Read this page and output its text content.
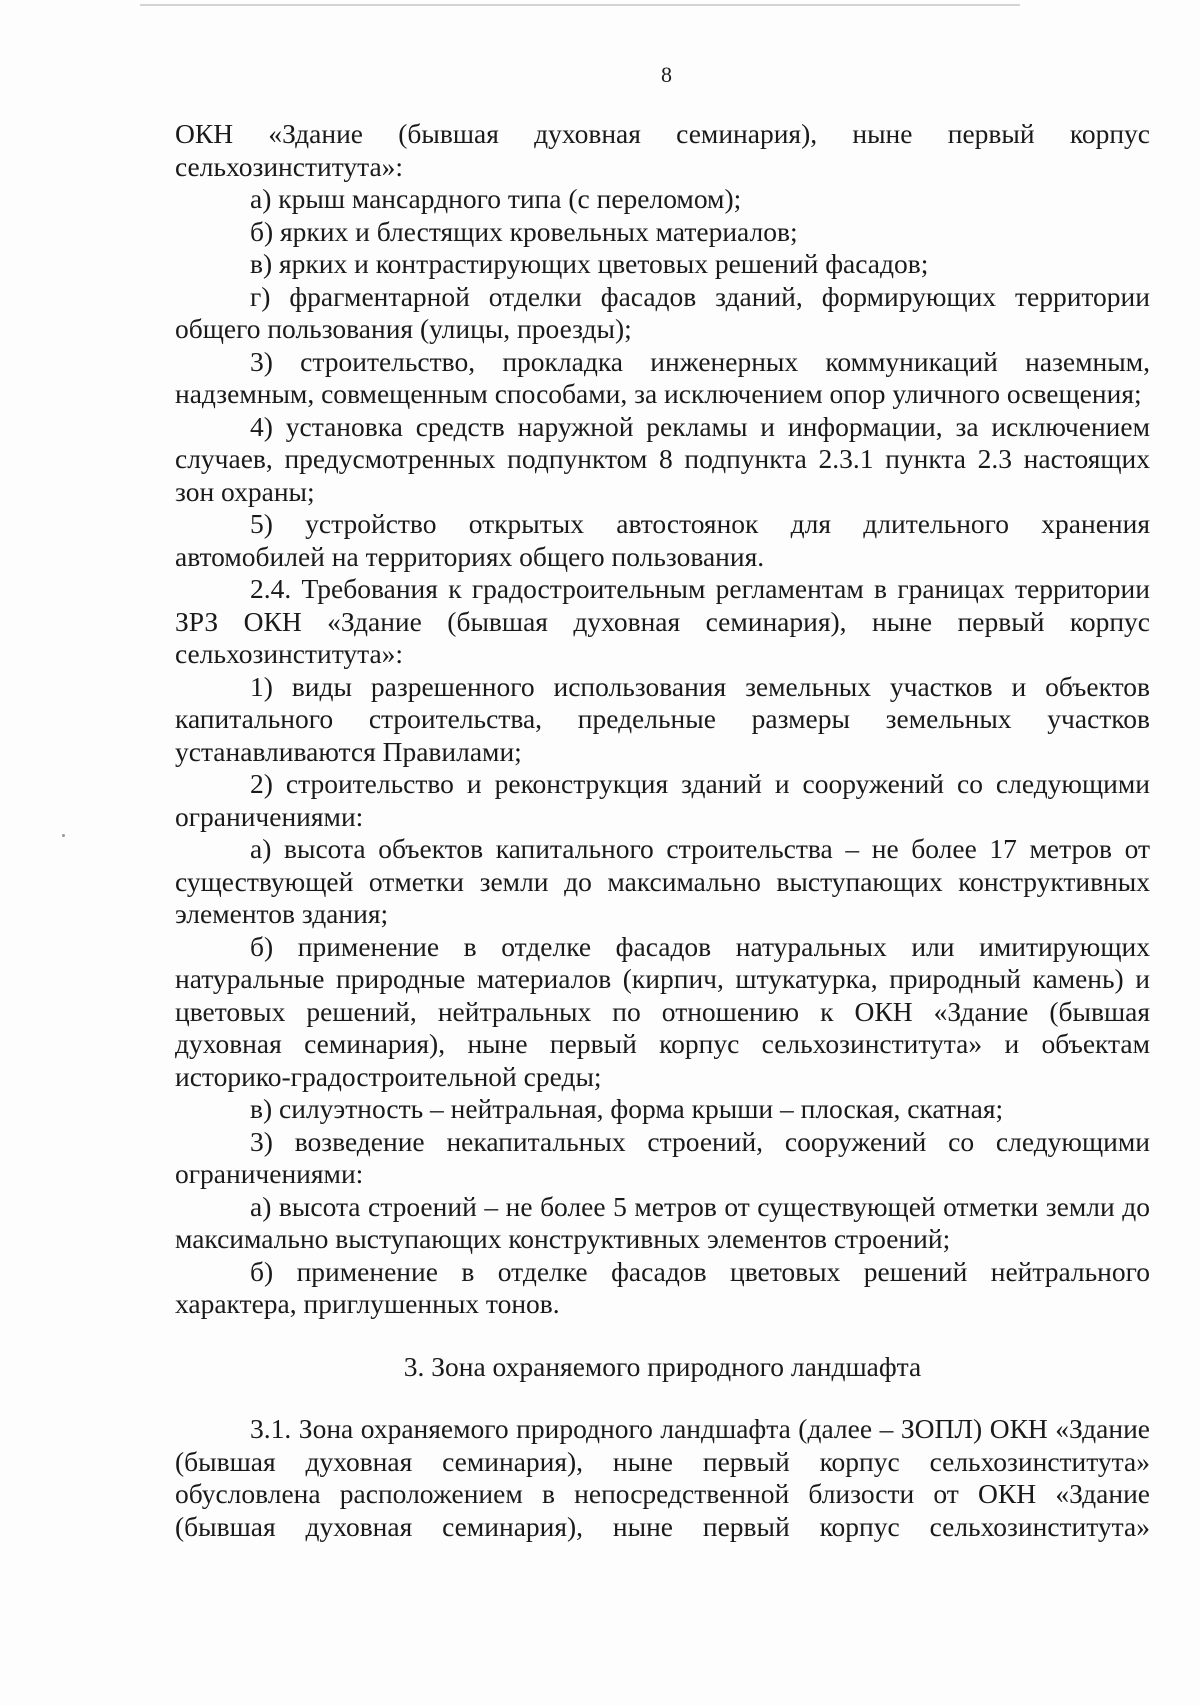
8

ОКН «Здание (бывшая духовная семинария), ныне первый корпус сельхозинститута»:

а) крыш мансардного типа (с переломом);

б) ярких и блестящих кровельных материалов;

в) ярких и контрастирующих цветовых решений фасадов;

г) фрагментарной отделки фасадов зданий, формирующих территории общего пользования (улицы, проезды);

3) строительство, прокладка инженерных коммуникаций наземным, надземным, совмещенным способами, за исключением опор уличного освещения;

4) установка средств наружной рекламы и информации, за исключением случаев, предусмотренных подпунктом 8 подпункта 2.3.1 пункта 2.3 настоящих зон охраны;

5) устройство открытых автостоянок для длительного хранения автомобилей на территориях общего пользования.

2.4. Требования к градостроительным регламентам в границах территории ЗРЗ ОКН «Здание (бывшая духовная семинария), ныне первый корпус сельхозинститута»:

1) виды разрешенного использования земельных участков и объектов капитального строительства, предельные размеры земельных участков устанавливаются Правилами;

2) строительство и реконструкция зданий и сооружений со следующими ограничениями:

а) высота объектов капитального строительства – не более 17 метров от существующей отметки земли до максимально выступающих конструктивных элементов здания;

б) применение в отделке фасадов натуральных или имитирующих натуральные природные материалов (кирпич, штукатурка, природный камень) и цветовых решений, нейтральных по отношению к ОКН «Здание (бывшая духовная семинария), ныне первый корпус сельхозинститута» и объектам историко-градостроительной среды;

в) силуэтность – нейтральная, форма крыши – плоская, скатная;

3) возведение некапитальных строений, сооружений со следующими ограничениями:

а) высота строений – не более 5 метров от существующей отметки земли до максимально выступающих конструктивных элементов строений;

б) применение в отделке фасадов цветовых решений нейтрального характера, приглушенных тонов.

3. Зона охраняемого природного ландшафта

3.1. Зона охраняемого природного ландшафта (далее – ЗОПЛ) ОКН «Здание (бывшая духовная семинария), ныне первый корпус сельхозинститута» обусловлена расположением в непосредственной близости от ОКН «Здание (бывшая духовная семинария), ныне первый корпус сельхозинститута»
